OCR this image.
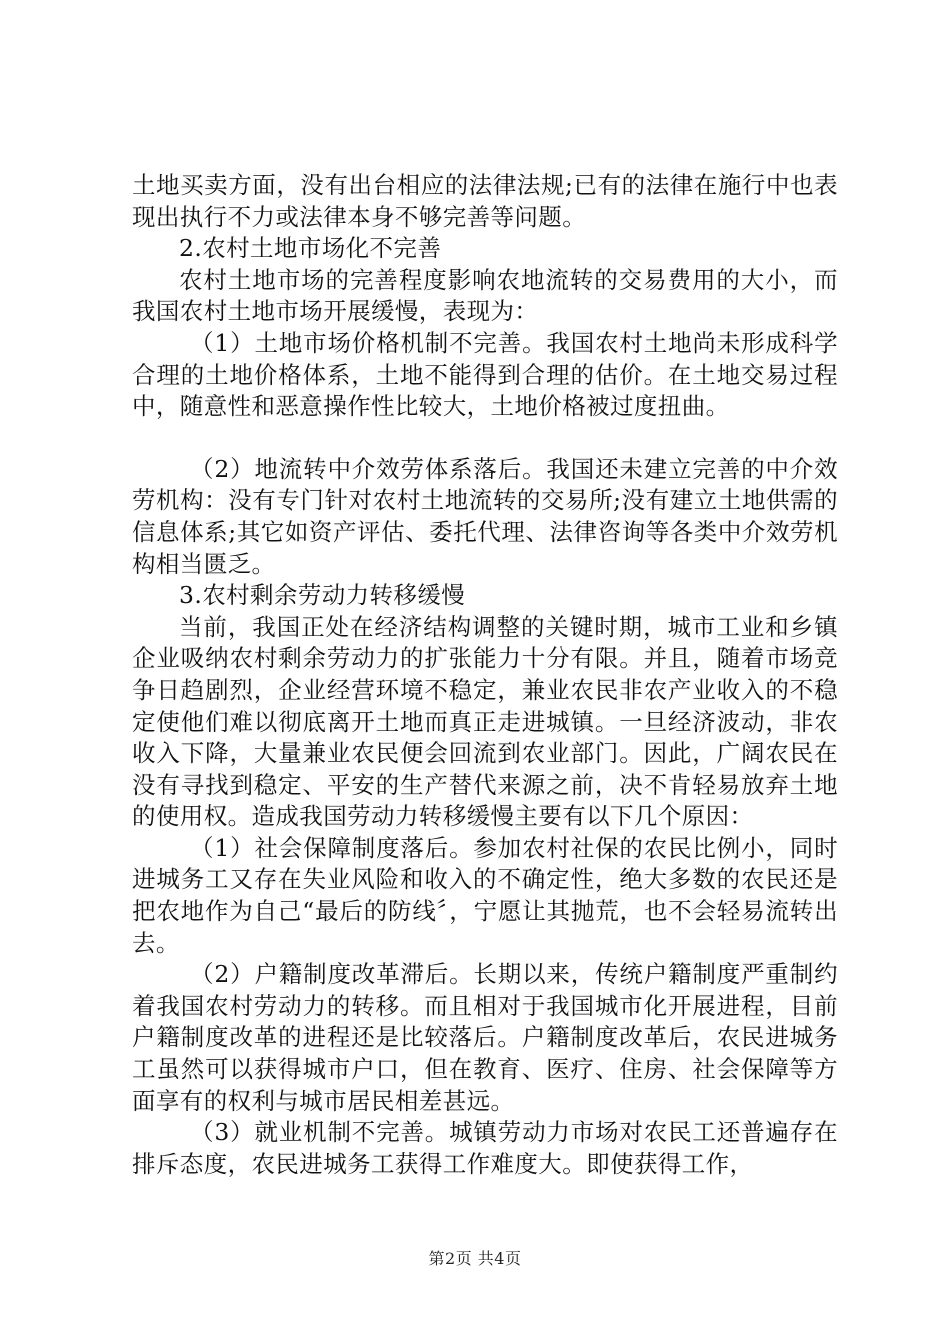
土地买卖方面，没有出台相应的法律法规;已有的法律在施行中也表现出执行不力或法律本身不够完善等问题。

2.农村土地市场化不完善

农村土地市场的完善程度影响农地流转的交易费用的大小，而我国农村土地市场开展缓慢，表现为：

（1）土地市场价格机制不完善。我国农村土地尚未形成科学合理的土地价格体系，土地不能得到合理的估价。在土地交易过程中，随意性和恶意操作性比较大，土地价格被过度扭曲。

（2）地流转中介效劳体系落后。我国还未建立完善的中介效劳机构：没有专门针对农村土地流转的交易所;没有建立土地供需的信息体系;其它如资产评估、委托代理、法律咨询等各类中介效劳机构相当匮乏。

3.农村剩余劳动力转移缓慢

当前，我国正处在经济结构调整的关键时期，城市工业和乡镇企业吸纳农村剩余劳动力的扩张能力十分有限。并且，随着市场竞争日趋剧烈，企业经营环境不稳定，兼业农民非农产业收入的不稳定使他们难以彻底离开土地而真正走进城镇。一旦经济波动，非农收入下降，大量兼业农民便会回流到农业部门。因此，广阔农民在没有寻找到稳定、平安的生产替代来源之前，决不肯轻易放弃土地的使用权。造成我国劳动力转移缓慢主要有以下几个原因：

（1）社会保障制度落后。参加农村社保的农民比例小，同时进城务工又存在失业风险和收入的不确定性，绝大多数的农民还是把农地作为自己“最后的防线〞，宁愿让其抛荒，也不会轻易流转出去。

（2）户籍制度改革滞后。长期以来，传统户籍制度严重制约着我国农村劳动力的转移。而且相对于我国城市化开展进程，目前户籍制度改革的进程还是比较落后。户籍制度改革后，农民进城务工虽然可以获得城市户口，但在教育、医疗、住房、社会保障等方面享有的权利与城市居民相差甚远。

（3）就业机制不完善。城镇劳动力市场对农民工还普遍存在排斥态度，农民进城务工获得工作难度大。即使获得工作，

第2页 共4页
